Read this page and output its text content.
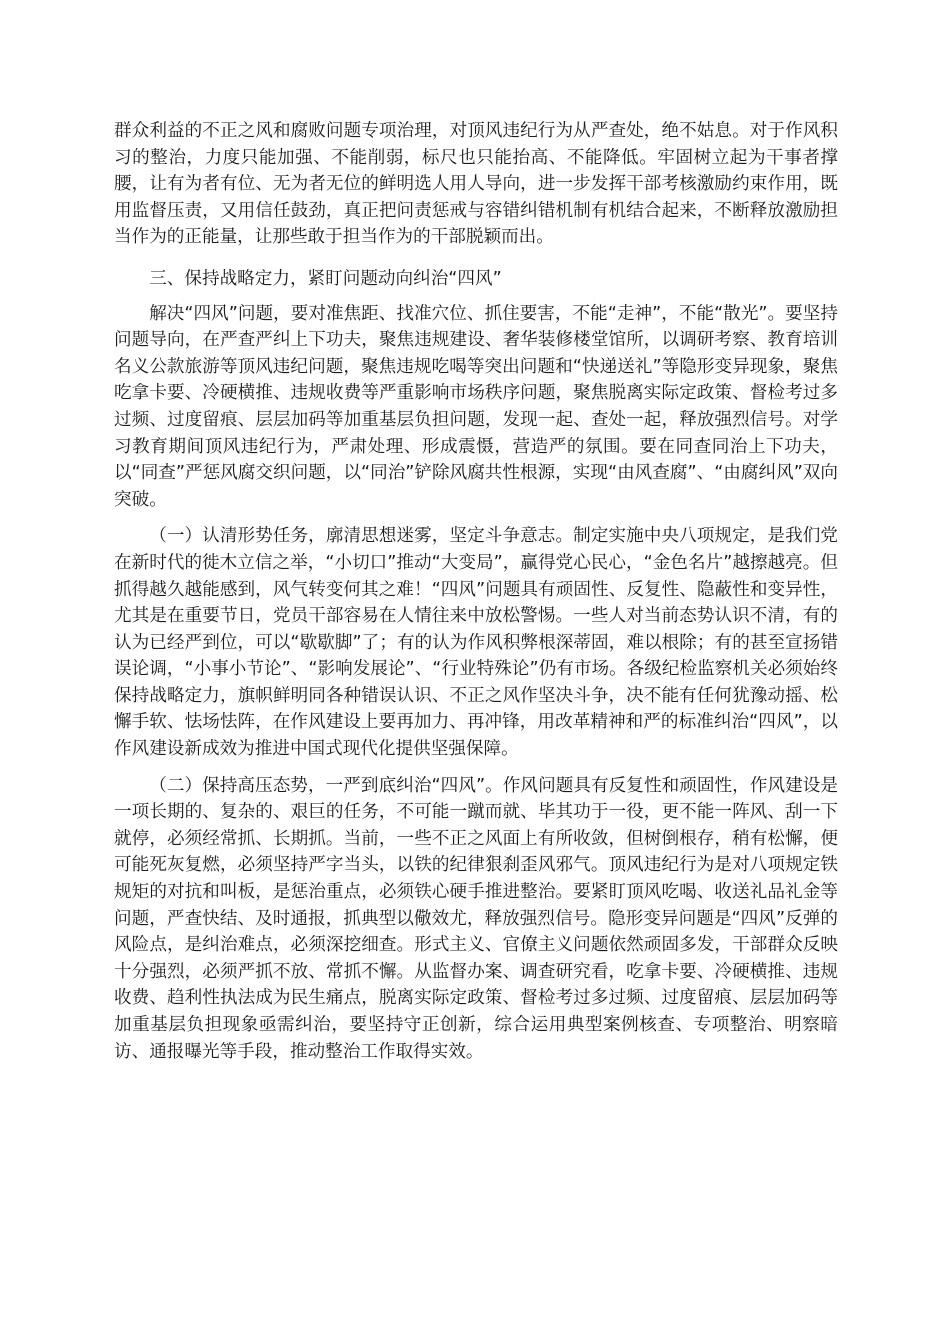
群众利益的不正之风和腐败问题专项治理，对顶风违纪行为从严查处，绝不姑息。对于作风积习的整治，力度只能加强、不能削弱，标尺也只能抬高、不能降低。牢固树立起为干事者撑腰，让有为者有位、无为者无位的鲜明选人用人导向，进一步发挥干部考核激励约束作用，既用监督压责，又用信任鼓劲，真正把问责惩戒与容错纠错机制有机结合起来，不断释放激励担当作为的正能量，让那些敢于担当作为的干部脱颖而出。

三、保持战略定力，紧盯问题动向纠治“四风”

解决“四风”问题，要对准焦距、找准穴位、抓住要害，不能“走神”，不能“散光”。要坚持问题导向，在严查严纠上下功夫，聚焦违规建设、奢华装修楼堂馆所，以调研考察、教育培训名义公款旅游等顶风违纪问题，聚焦违规吃喝等突出问题和“快递送礼”等隐形变异现象，聚焦吃拿卡要、冷硬横推、违规收费等严重影响市场秩序问题，聚焦脱离实际定政策、督检考过多过频、过度留痕、层层加码等加重基层负担问题，发现一起、查处一起，释放强烈信号。对学习教育期间顶风违纪行为，严肃处理、形成震慑，营造严的氛围。要在同查同治上下功夫，以“同查”严惩风腐交织问题，以“同治”铲除风腐共性根源，实现“由风查腐”、“由腐纠风”双向突破。

（一）认清形势任务，廓清思想迷雾，坚定斗争意志。制定实施中央八项规定，是我们党在新时代的徙木立信之举，“小切口”推动“大变局”，赢得党心民心，“金色名片”越擦越亮。但抓得越久越能感到，风气转变何其之难！“四风”问题具有顽固性、反复性、隐蔽性和变异性，尤其是在重要节日，党员干部容易在人情往来中放松警惕。一些人对当前态势认识不清，有的认为已经严到位，可以“歇歇脚”了；有的认为作风积弊根深蒂固，难以根除；有的甚至宣扬错误论调，“小事小节论”、“影响发展论”、“行业特殊论”仍有市场。各级纪检监察机关必须始终保持战略定力，旗帜鲜明同各种错误认识、不正之风作坚决斗争，决不能有任何犹豫动摇、松懈手软、怯场怯阵，在作风建设上要再加力、再冲锋，用改革精神和严的标准纠治“四风”，以作风建设新成效为推进中国式现代化提供坚强保障。

（二）保持高压态势，一严到底纠治“四风”。作风问题具有反复性和顽固性，作风建设是一项长期的、复杂的、艰巨的任务，不可能一蹴而就、毕其功于一役，更不能一阵风、刮一下就停，必须经常抓、长期抓。当前，一些不正之风面上有所收敛，但树倒根存，稍有松懈，便可能死灰复燃，必须坚持严字当头，以铁的纪律狠刹歪风邪气。顶风违纪行为是对八项规定铁规矩的对抗和叫板，是惩治重点，必须铁心硬手推进整治。要紧盯顶风吃喝、收送礼品礼金等问题，严查快结、及时通报，抓典型以儆效尤，释放强烈信号。隐形变异问题是“四风”反弹的风险点，是纠治难点，必须深挖细查。形式主义、官僚主义问题依然顽固多发，干部群众反映十分强烈，必须严抓不放、常抓不懈。从监督办案、调查研究看，吃拿卡要、冷硬横推、违规收费、趋利性执法成为民生痛点，脱离实际定政策、督检考过多过频、过度留痕、层层加码等加重基层负担现象亟需纠治，要坚持守正创新，综合运用典型案例核查、专项整治、明察暗访、通报曝光等手段，推动整治工作取得实效。
